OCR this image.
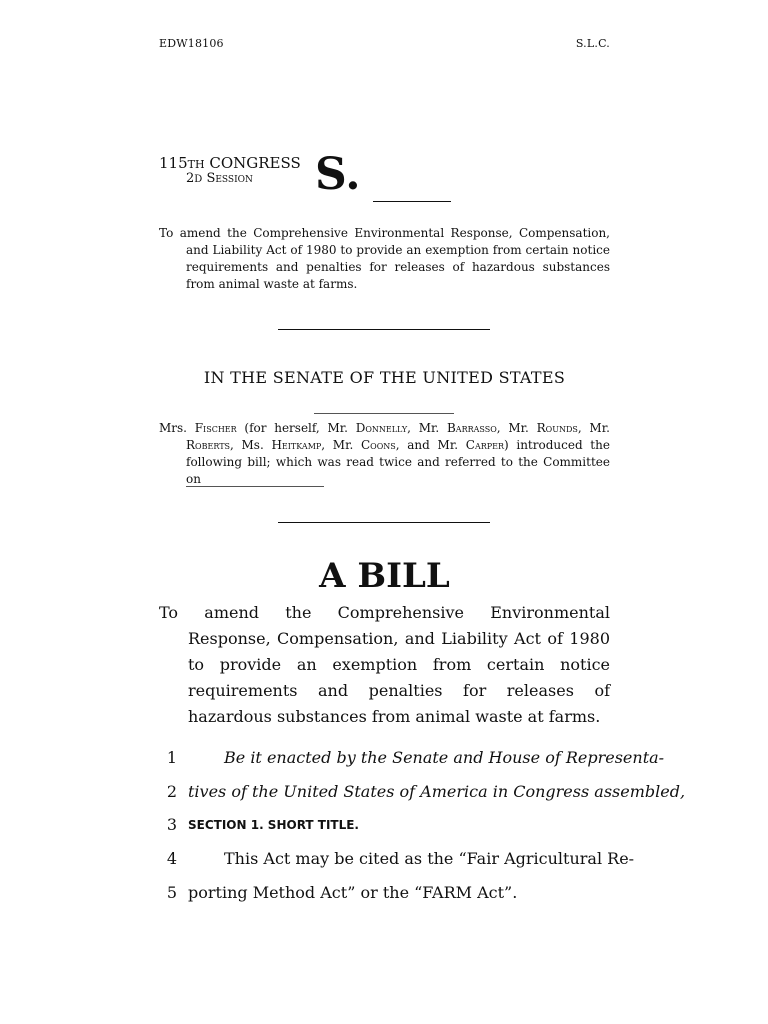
EDW18106	S.L.C.
115TH CONGRESS
2D Session S.
To amend the Comprehensive Environmental Response, Compensation, and Liability Act of 1980 to provide an exemption from certain notice requirements and penalties for releases of hazardous substances from animal waste at farms.
IN THE SENATE OF THE UNITED STATES
Mrs. Fischer (for herself, Mr. Donnelly, Mr. Barrasso, Mr. Rounds, Mr. Roberts, Ms. Heitkamp, Mr. Coons, and Mr. Carper) introduced the following bill; which was read twice and referred to the Committee on
A BILL
To amend the Comprehensive Environmental Response, Compensation, and Liability Act of 1980 to provide an exemption from certain notice requirements and penalties for releases of hazardous substances from animal waste at farms.
1	Be it enacted by the Senate and House of Representa-
2 tives of the United States of America in Congress assembled,
3 SECTION 1. SHORT TITLE.
4	This Act may be cited as the “Fair Agricultural Re-
5 porting Method Act” or the “FARM Act”.
